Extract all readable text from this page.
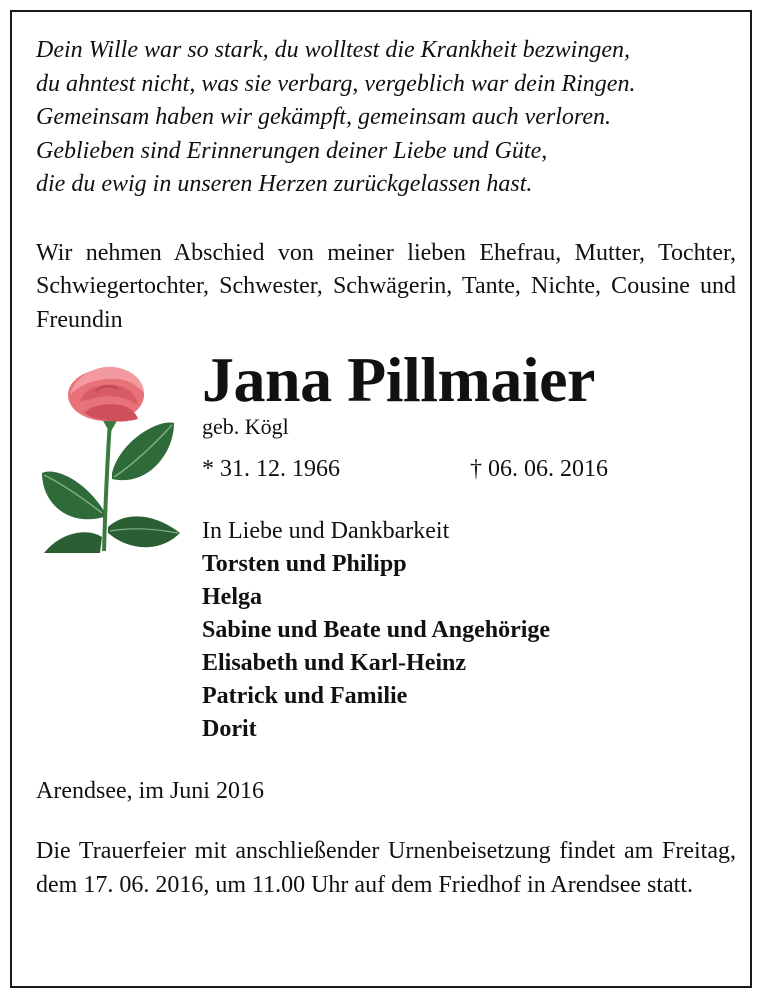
Dein Wille war so stark, du wolltest die Krankheit bezwingen,
du ahntest nicht, was sie verbarg, vergeblich war dein Ringen.
Gemeinsam haben wir gekämpft, gemeinsam auch verloren.
Geblieben sind Erinnerungen deiner Liebe und Güte,
die du ewig in unseren Herzen zurückgelassen hast.
Wir nehmen Abschied von meiner lieben Ehefrau, Mutter, Tochter, Schwiegertochter, Schwester, Schwägerin, Tante, Nichte, Cousine und Freundin
Jana Pillmaier
geb. Kögl
* 31. 12. 1966	† 06. 06. 2016
In Liebe und Dankbarkeit
Torsten und Philipp
Helga
Sabine und Beate und Angehörige
Elisabeth und Karl-Heinz
Patrick und Familie
Dorit
Arendsee, im Juni 2016
Die Trauerfeier mit anschließender Urnenbeisetzung findet am Freitag, dem 17. 06. 2016, um 11.00 Uhr auf dem Friedhof in Arendsee statt.
